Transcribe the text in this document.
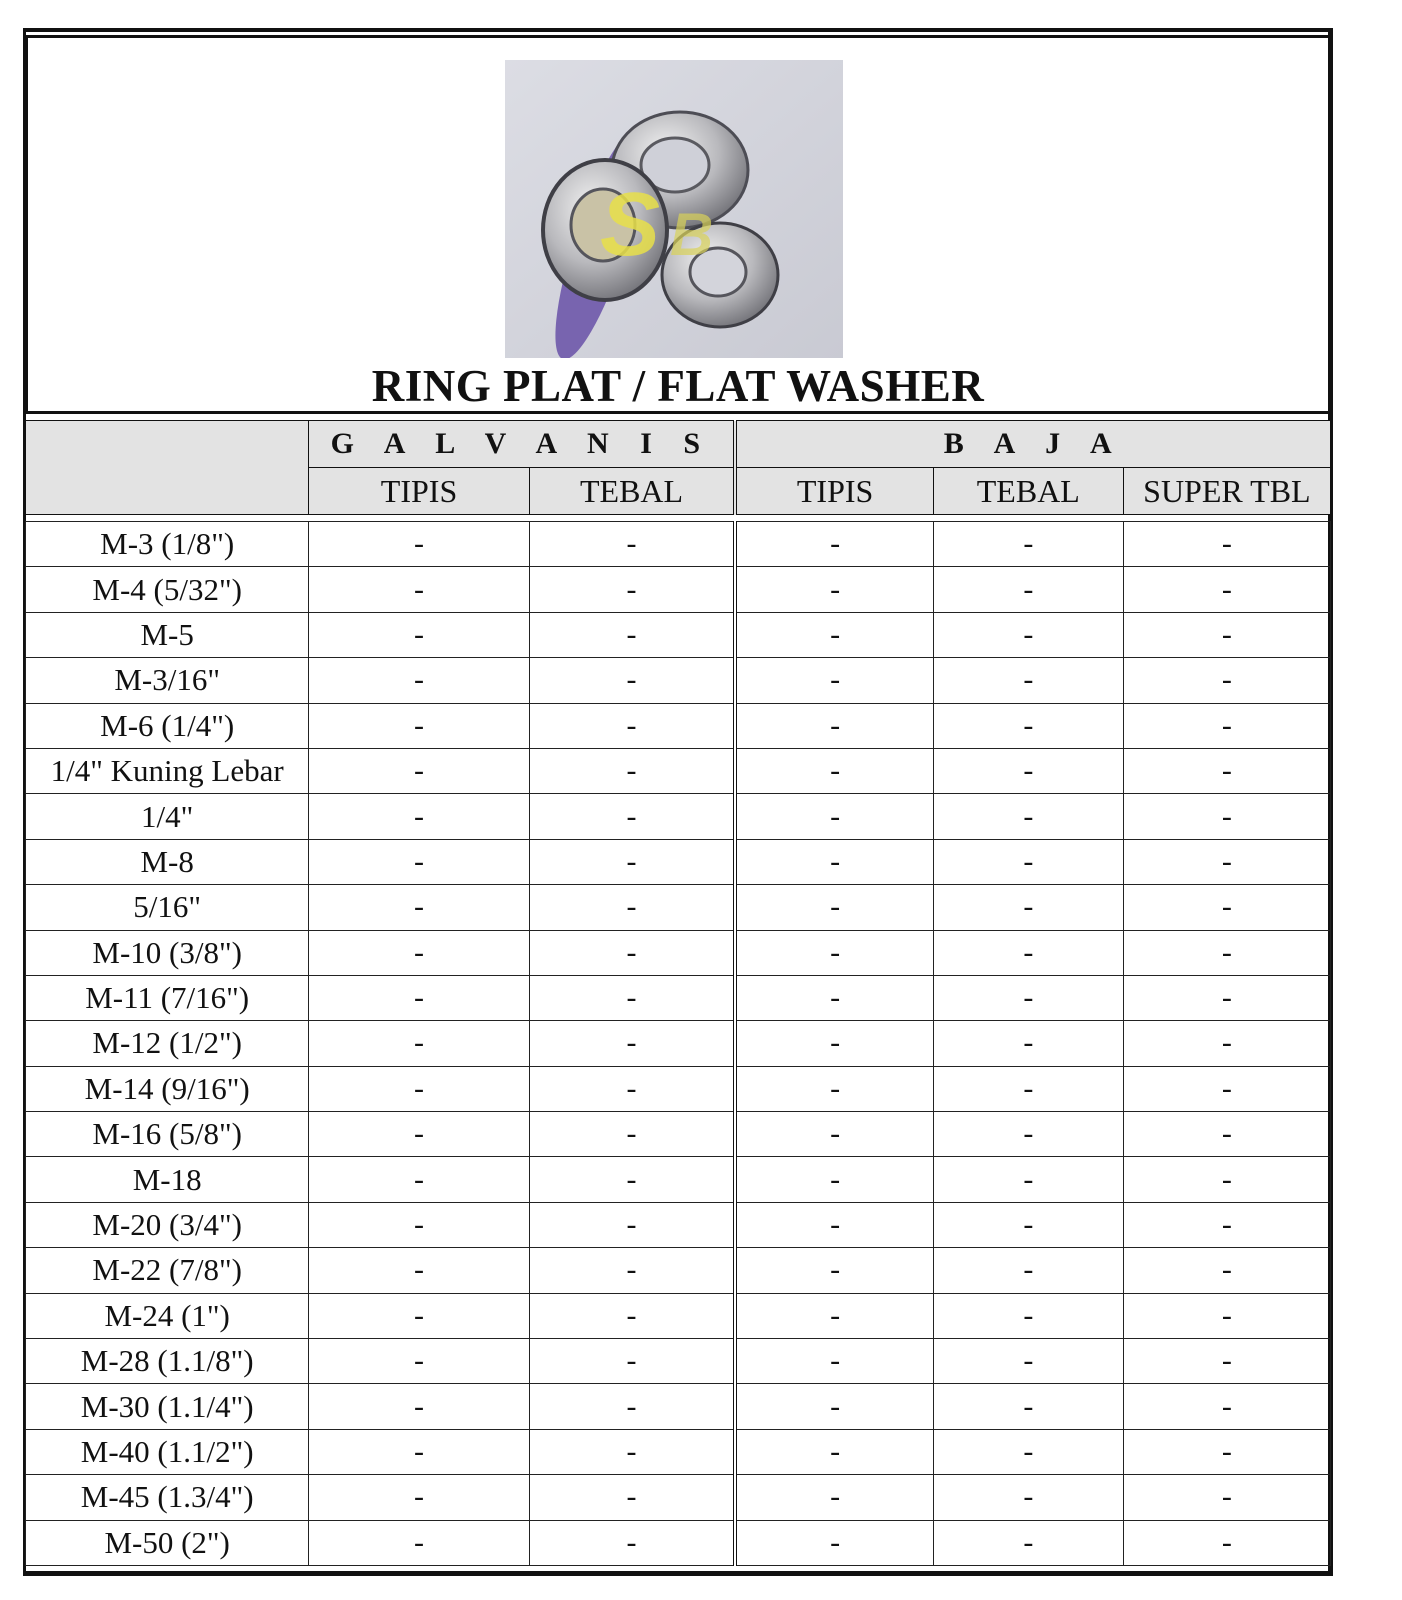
S B
RING PLAT / FLAT WASHER
	G A L V A N I S		B A J A		
	TIPIS	TEBAL	TIPIS	TEBAL	SUPER TBL
M-3 (1/8")	-	-	-	-	-
M-4 (5/32")	-	-	-	-	-
M-5	-	-	-	-	-
M-3/16"	-	-	-	-	-
M-6 (1/4")	-	-	-	-	-
1/4" Kuning Lebar	-	-	-	-	-
1/4"	-	-	-	-	-
M-8	-	-	-	-	-
5/16"	-	-	-	-	-
M-10 (3/8")	-	-	-	-	-
M-11 (7/16")	-	-	-	-	-
M-12 (1/2")	-	-	-	-	-
M-14 (9/16")	-	-	-	-	-
M-16 (5/8")	-	-	-	-	-
M-18	-	-	-	-	-
M-20 (3/4")	-	-	-	-	-
M-22 (7/8")	-	-	-	-	-
M-24 (1")	-	-	-	-	-
M-28 (1.1/8")	-	-	-	-	-
M-30 (1.1/4")	-	-	-	-	-
M-40 (1.1/2")	-	-	-	-	-
M-45 (1.3/4")	-	-	-	-	-
M-50 (2")	-	-	-	-	-
